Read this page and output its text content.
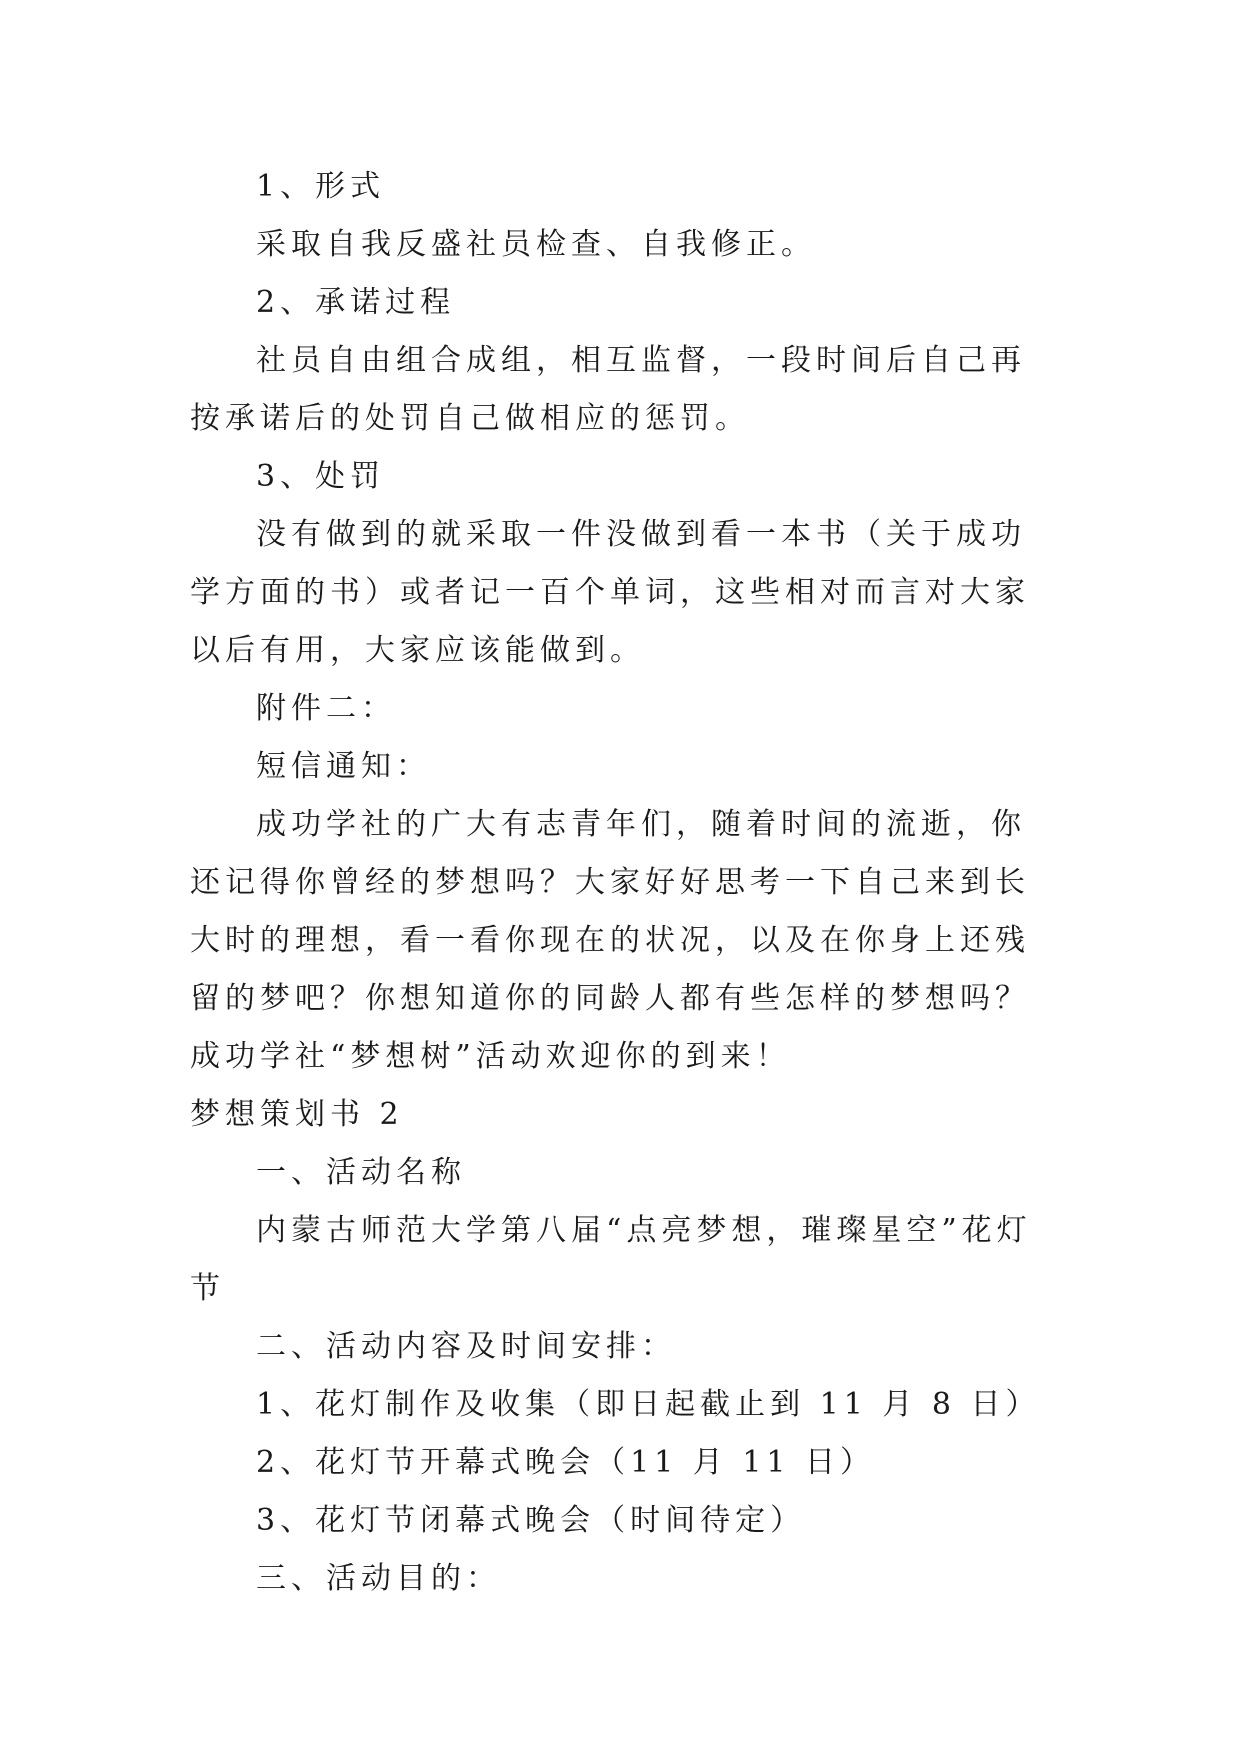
1、形式

采取自我反盛社员检查、自我修正。

2、承诺过程

社员自由组合成组，相互监督，一段时间后自己再按承诺后的处罚自己做相应的惩罚。

3、处罚

没有做到的就采取一件没做到看一本书（关于成功学方面的书）或者记一百个单词，这些相对而言对大家以后有用，大家应该能做到。

附件二：

短信通知：

成功学社的广大有志青年们，随着时间的流逝，你还记得你曾经的梦想吗？大家好好思考一下自己来到长大时的理想，看一看你现在的状况，以及在你身上还残留的梦吧？你想知道你的同龄人都有些怎样的梦想吗？成功学社“梦想树”活动欢迎你的到来！

梦想策划书 2

一、活动名称

内蒙古师范大学第八届“点亮梦想，璀璨星空”花灯节

二、活动内容及时间安排：

1、花灯制作及收集（即日起截止到 11 月 8 日）

2、花灯节开幕式晚会（11 月 11 日）

3、花灯节闭幕式晚会（时间待定）

三、活动目的：
